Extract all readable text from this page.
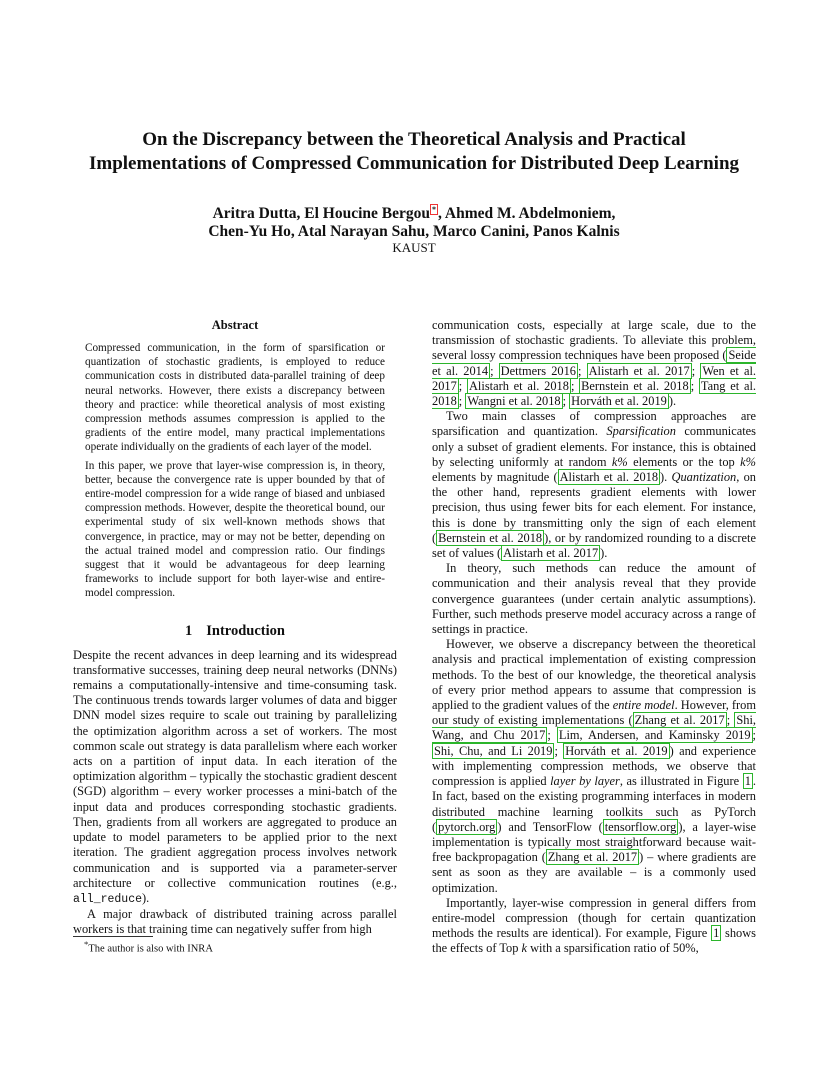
On the Discrepancy between the Theoretical Analysis and Practical
Implementations of Compressed Communication for Distributed Deep Learning
Aritra Dutta, El Houcine Bergou * , Ahmed M. Abdelmoniem,
Chen-Yu Ho, Atal Narayan Sahu, Marco Canini, Panos Kalnis
KAUST
Abstract

Compressed communication, in the form of sparsification or quantization of stochastic gradients, is employed to reduce communication costs in distributed data-parallel training of deep neural networks. However, there exists a discrepancy between theory and practice: while theoretical analysis of most existing compression methods assumes compression is applied to the gradients of the entire model, many practical implementations operate individually on the gradients of each layer of the model.

In this paper, we prove that layer-wise compression is, in theory, better, because the convergence rate is upper bounded by that of entire-model compression for a wide range of biased and unbiased compression methods. However, despite the theoretical bound, our experimental study of six well-known methods shows that convergence, in practice, may or may not be better, depending on the actual trained model and compression ratio. Our findings suggest that it would be advantageous for deep learning frameworks to include support for both layer-wise and entire-model compression.

1 Introduction

Despite the recent advances in deep learning and its widespread transformative successes, training deep neural networks (DNNs) remains a computationally-intensive and time-consuming task. The continuous trends towards larger volumes of data and bigger DNN model sizes require to scale out training by parallelizing the optimization algorithm across a set of workers. The most common scale out strategy is data parallelism where each worker acts on a partition of input data. In each iteration of the optimization algorithm – typically the stochastic gradient descent (SGD) algorithm – every worker processes a mini-batch of the input data and produces corresponding stochastic gradients. Then, gradients from all workers are aggregated to produce an update to model parameters to be applied prior to the next iteration. The gradient aggregation process involves network communication and is supported via a parameter-server architecture or collective communication routines (e.g., all_reduce).

A major drawback of distributed training across parallel workers is that training time can negatively suffer from high

communication costs, especially at large scale, due to the transmission of stochastic gradients. To alleviate this problem, several lossy compression techniques have been proposed ( Seide et al. 2014 ; Dettmers 2016 ; Alistarh et al. 2017 ; Wen et al. 2017 ; Alistarh et al. 2018 ; Bernstein et al. 2018 ; Tang et al. 2018 ; Wangni et al. 2018 ; Horváth et al. 2019 ).

Two main classes of compression approaches are sparsification and quantization. Sparsification communicates only a subset of gradient elements. For instance, this is obtained by selecting uniformly at random k% elements or the top k% elements by magnitude ( Alistarh et al. 2018 ). Quantization, on the other hand, represents gradient elements with lower precision, thus using fewer bits for each element. For instance, this is done by transmitting only the sign of each element ( Bernstein et al. 2018 ), or by randomized rounding to a discrete set of values ( Alistarh et al. 2017 ).

In theory, such methods can reduce the amount of communication and their analysis reveal that they provide convergence guarantees (under certain analytic assumptions). Further, such methods preserve model accuracy across a range of settings in practice.

However, we observe a discrepancy between the theoretical analysis and practical implementation of existing compression methods. To the best of our knowledge, the theoretical analysis of every prior method appears to assume that compression is applied to the gradient values of the entire model. However, from our study of existing implementations ( Zhang et al. 2017 ; Shi, Wang, and Chu 2017 ; Lim, Andersen, and Kaminsky 2019 ; Shi, Chu, and Li 2019 ; Horváth et al. 2019 ) and experience with implementing compression methods, we observe that compression is applied layer by layer, as illustrated in Figure 1 . In fact, based on the existing programming interfaces in modern distributed machine learning toolkits such as PyTorch ( pytorch.org ) and TensorFlow ( tensorflow.org ), a layer-wise implementation is typically most straightforward because wait-free backpropagation ( Zhang et al. 2017 ) – where gradients are sent as soon as they are available – is a commonly used optimization.

Importantly, layer-wise compression in general differs from entire-model compression (though for certain quantization methods the results are identical). For example, Figure 1 shows the effects of Top k with a sparsification ratio of 50%,

*The author is also with INRA
